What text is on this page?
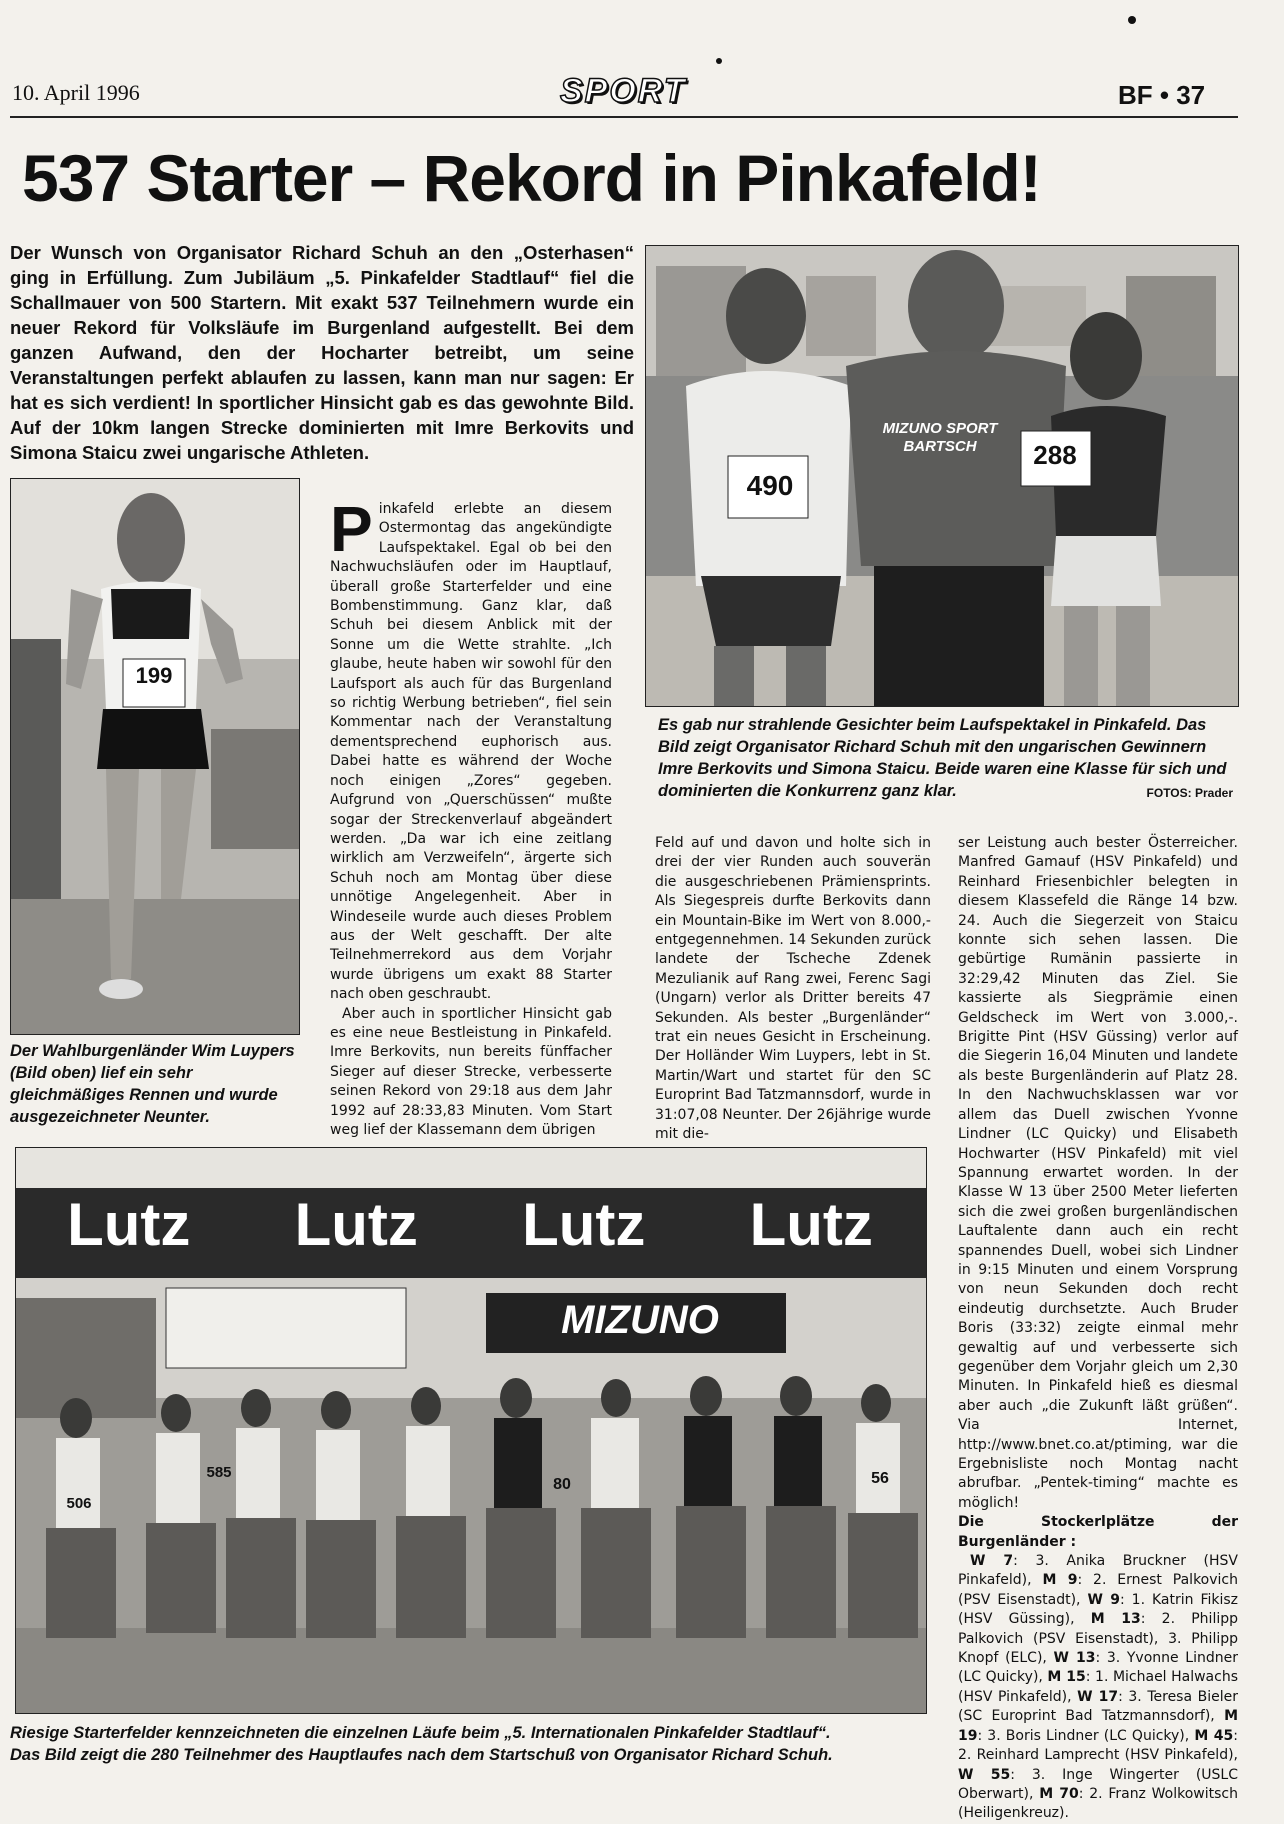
10. April 1996	SPORT	BF • 37
537 Starter – Rekord in Pinkafeld!
Der Wunsch von Organisator Richard Schuh an den „Osterhasen“ ging in Erfüllung. Zum Jubiläum „5. Pinkafelder Stadtlauf“ fiel die Schallmauer von 500 Startern. Mit exakt 537 Teilnehmern wurde ein neuer Rekord für Volksläufe im Burgenland aufgestellt. Bei dem ganzen Aufwand, den der Hocharter betreibt, um seine Veranstaltungen perfekt ablaufen zu lassen, kann man nur sagen: Er hat es sich verdient! In sportlicher Hinsicht gab es das gewohnte Bild. Auf der 10km langen Strecke dominierten mit Imre Berkovits und Simona Staicu zwei ungarische Athleten.
MIZUNO SPORT BARTSCH
490
288
Es gab nur strahlende Gesichter beim Laufspektakel in Pinkafeld. Das Bild zeigt Organisator Richard Schuh mit den ungarischen Gewinnern Imre Berkovits und Simona Staicu. Beide waren eine Klasse für sich und dominierten die Konkurrenz ganz klar.	FOTOS: Prader
199
Der Wahlburgenländer Wim Luypers (Bild oben) lief ein sehr gleichmäßiges Rennen und wurde ausgezeichneter Neunter.
P inkafeld erlebte an diesem Ostermontag das angekündigte Laufspektakel. Egal ob bei den Nachwuchsläufen oder im Hauptlauf, überall große Starterfelder und eine Bombenstimmung. Ganz klar, daß Schuh bei diesem Anblick mit der Sonne um die Wette strahlte. „Ich glaube, heute haben wir sowohl für den Laufsport als auch für das Burgenland so richtig Werbung betrieben“, fiel sein Kommentar nach der Veranstaltung dementsprechend euphorisch aus. Dabei hatte es während der Woche noch einigen „Zores“ gegeben. Aufgrund von „Querschüssen“ mußte sogar der Streckenverlauf abgeändert werden. „Da war ich eine zeitlang wirklich am Verzweifeln“, ärgerte sich Schuh noch am Montag über diese unnötige Angelegenheit. Aber in Windeseile wurde auch dieses Problem aus der Welt geschafft. Der alte Teilnehmerrekord aus dem Vorjahr wurde übrigens um exakt 88 Starter nach oben geschraubt.

Aber auch in sportlicher Hinsicht gab es eine neue Bestleistung in Pinkafeld. Imre Berkovits, nun bereits fünffacher Sieger auf dieser Strecke, verbesserte seinen Rekord von 29:18 aus dem Jahr 1992 auf 28:33,83 Minuten. Vom Start weg lief der Klassemann dem übrigen

Feld auf und davon und holte sich in drei der vier Runden auch souverän die ausgeschriebenen Prämiensprints. Als Siegespreis durfte Berkovits dann ein Mountain-Bike im Wert von 8.000,- entgegennehmen. 14 Sekunden zurück landete der Tscheche Zdenek Mezulianik auf Rang zwei, Ferenc Sagi (Ungarn) verlor als Dritter bereits 47 Sekunden. Als bester „Burgenländer“ trat ein neues Gesicht in Erscheinung. Der Holländer Wim Luypers, lebt in St. Martin/Wart und startet für den SC Europrint Bad Tatzmannsdorf, wurde in 31:07,08 Neunter. Der 26jährige wurde mit die-

ser Leistung auch bester Österreicher. Manfred Gamauf (HSV Pinkafeld) und Reinhard Friesenbichler belegten in diesem Klassefeld die Ränge 14 bzw. 24. Auch die Siegerzeit von Staicu konnte sich sehen lassen. Die gebürtige Rumänin passierte in 32:29,42 Minuten das Ziel. Sie kassierte als Siegprämie einen Geldscheck im Wert von 3.000,-. Brigitte Pint (HSV Güssing) verlor auf die Siegerin 16,04 Minuten und landete als beste Burgenländerin auf Platz 28. In den Nachwuchsklassen war vor allem das Duell zwischen Yvonne Lindner (LC Quicky) und Elisabeth Hochwarter (HSV Pinkafeld) mit viel Spannung erwartet worden. In der Klasse W 13 über 2500 Meter lieferten sich die zwei großen burgenländischen Lauftalente dann auch ein recht spannendes Duell, wobei sich Lindner in 9:15 Minuten und einem Vorsprung von neun Sekunden doch recht eindeutig durchsetzte. Auch Bruder Boris (33:32) zeigte einmal mehr gewaltig auf und verbesserte sich gegenüber dem Vorjahr gleich um 2,30 Minuten. In Pinkafeld hieß es diesmal aber auch „die Zukunft läßt grüßen“. Via Internet, http://www.bnet.co.at/ptiming, war die Ergebnisliste noch Montag nacht abrufbar. „Pentek-timing“ machte es möglich!

Die Stockerlplätze der Burgenländer :

W 7: 3. Anika Bruckner (HSV Pinkafeld), M 9: 2. Ernest Palkovich (PSV Eisenstadt), W 9: 1. Katrin Fikisz (HSV Güssing), M 13: 2. Philipp Palkovich (PSV Eisenstadt), 3. Philipp Knopf (ELC), W 13: 3. Yvonne Lindner (LC Quicky), M 15: 1. Michael Halwachs (HSV Pinkafeld), W 17: 3. Teresa Bieler (SC Europrint Bad Tatzmannsdorf), M 19: 3. Boris Lindner (LC Quicky), M 45: 2. Reinhard Lamprecht (HSV Pinkafeld), W 55: 3. Inge Wingerter (USLC Oberwart), M 70: 2. Franz Wolkowitsch (Heiligenkreuz).

Lutz Lutz Lutz Lutz
MIZUNO
506
585
80	56
Riesige Starterfelder kennzeichneten die einzelnen Läufe beim „5. Internationalen Pinkafelder Stadtlauf“.
Das Bild zeigt die 280 Teilnehmer des Hauptlaufes nach dem Startschuß von Organisator Richard Schuh.
